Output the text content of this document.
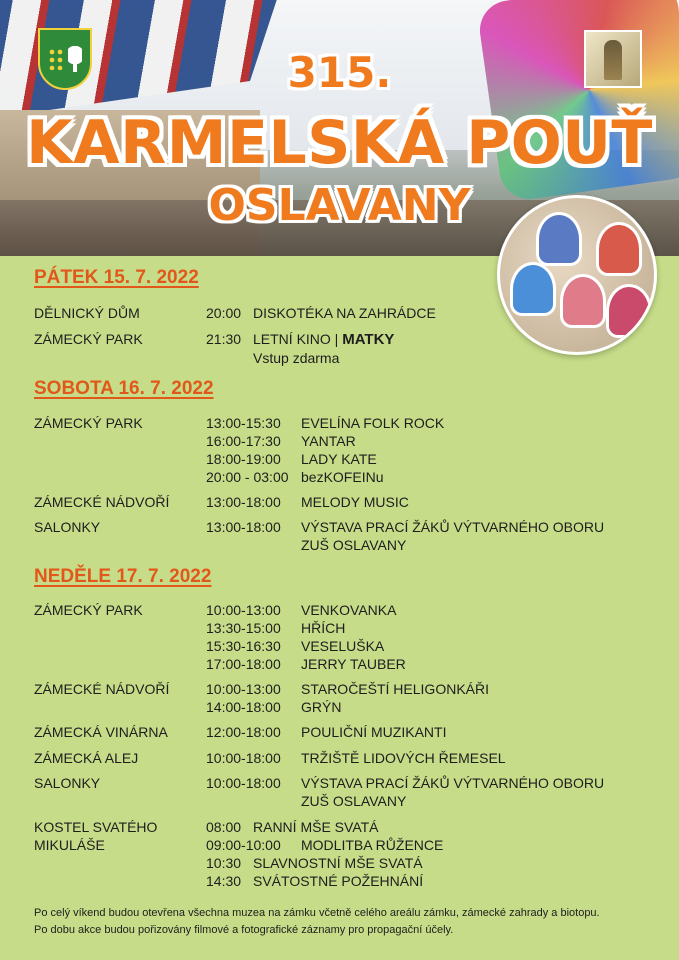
315.
KARMELSKÁ POUŤ
OSLAVANY
PÁTEK 15. 7. 2022
DĚLNICKÝ DŮM	20:00 DISKOTÉKA NA ZAHRÁDCE
ZÁMECKÝ PARK	21:30 LETNÍ KINO | MATKY
Vstup zdarma
SOBOTA 16. 7. 2022
ZÁMECKÝ PARK	13:00-15:30	EVELÍNA FOLK ROCK
16:00-17:30	YANTAR
18:00-19:00	LADY KATE
20:00 - 03:00 bezKOFEINu
ZÁMECKÉ NÁDVOŘÍ	13:00-18:00	MELODY MUSIC
SALONKY	13:00-18:00	VÝSTAVA PRACÍ ŽÁKŮ VÝTVARNÉHO OBORU
ZUŠ OSLAVANY
NEDĚLE 17. 7. 2022
ZÁMECKÝ PARK	10:00-13:00	VENKOVANKA
13:30-15:00	HŘÍCH
15:30-16:30	VESELUŠKA
17:00-18:00	JERRY TAUBER
ZÁMECKÉ NÁDVOŘÍ	10:00-13:00	STAROČEŠTÍ HELIGONKÁŘI
14:00-18:00	GRÝN
ZÁMECKÁ VINÁRNA	12:00-18:00	POULIČNÍ MUZIKANTI
ZÁMECKÁ ALEJ	10:00-18:00	TRŽIŠTĚ LIDOVÝCH ŘEMESEL
SALONKY	10:00-18:00	VÝSTAVA PRACÍ ŽÁKŮ VÝTVARNÉHO OBORU
ZUŠ OSLAVANY
KOSTEL SVATÉHO
MIKULÁŠE
08:00 RANNÍ MŠE SVATÁ
09:00-10:00	MODLITBA RŮŽENCE
10:30 SLAVNOSTNÍ MŠE SVATÁ
14:30 SVÁTOSTNÉ POŽEHNÁNÍ
Po celý víkend budou otevřena všechna muzea na zámku včetně celého areálu zámku, zámecké zahrady a biotopu.
Po dobu akce budou pořizovány filmové a fotografické záznamy pro propagační účely.
